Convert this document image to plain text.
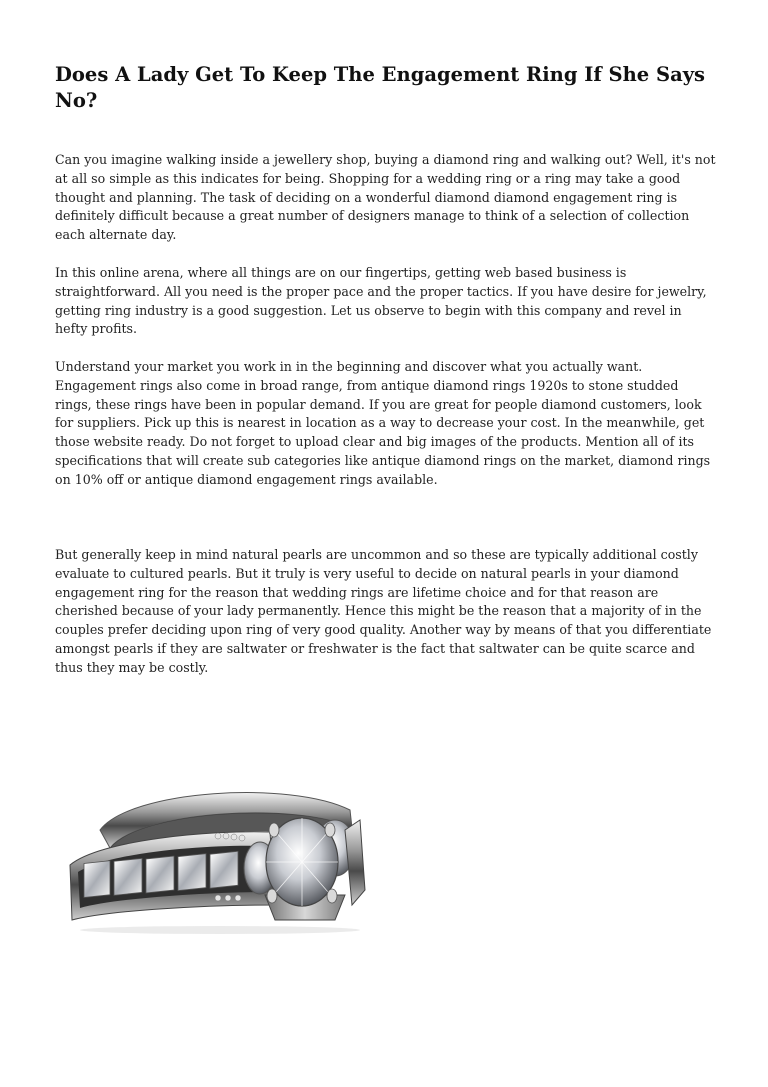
Does A Lady Get To Keep The Engagement Ring If She Says No?

Can you imagine walking inside a jewellery shop, buying a diamond ring and walking out? Well, it's not at all so simple as this indicates for being. Shopping for a wedding ring or a ring may take a good thought and planning. The task of deciding on a wonderful diamond diamond engagement ring is definitely difficult because a great number of designers manage to think of a selection of collection each alternate day.

In this online arena, where all things are on our fingertips, getting web based business is straightforward. All you need is the proper pace and the proper tactics. If you have desire for jewelry, getting ring industry is a good suggestion. Let us observe to begin with this company and revel in hefty profits.

Understand your market you work in in the beginning and discover what you actually want. Engagement rings also come in broad range, from antique diamond rings 1920s to stone studded rings, these rings have been in popular demand. If you are great for people diamond customers, look for suppliers. Pick up this is nearest in location as a way to decrease your cost. In the meanwhile, get those website ready. Do not forget to upload clear and big images of the products. Mention all of its specifications that will create sub categories like antique diamond rings on the market, diamond rings on 10% off or antique diamond engagement rings available.

But generally keep in mind natural pearls are uncommon and so these are typically additional costly evaluate to cultured pearls. But it truly is very useful to decide on natural pearls in your diamond engagement ring for the reason that wedding rings are lifetime choice and for that reason are cherished because of your lady permanently. Hence this might be the reason that a majority of in the couples prefer deciding upon ring of very good quality. Another way by means of that you differentiate amongst pearls if they are saltwater or freshwater is the fact that saltwater can be quite scarce and thus they may be costly.
